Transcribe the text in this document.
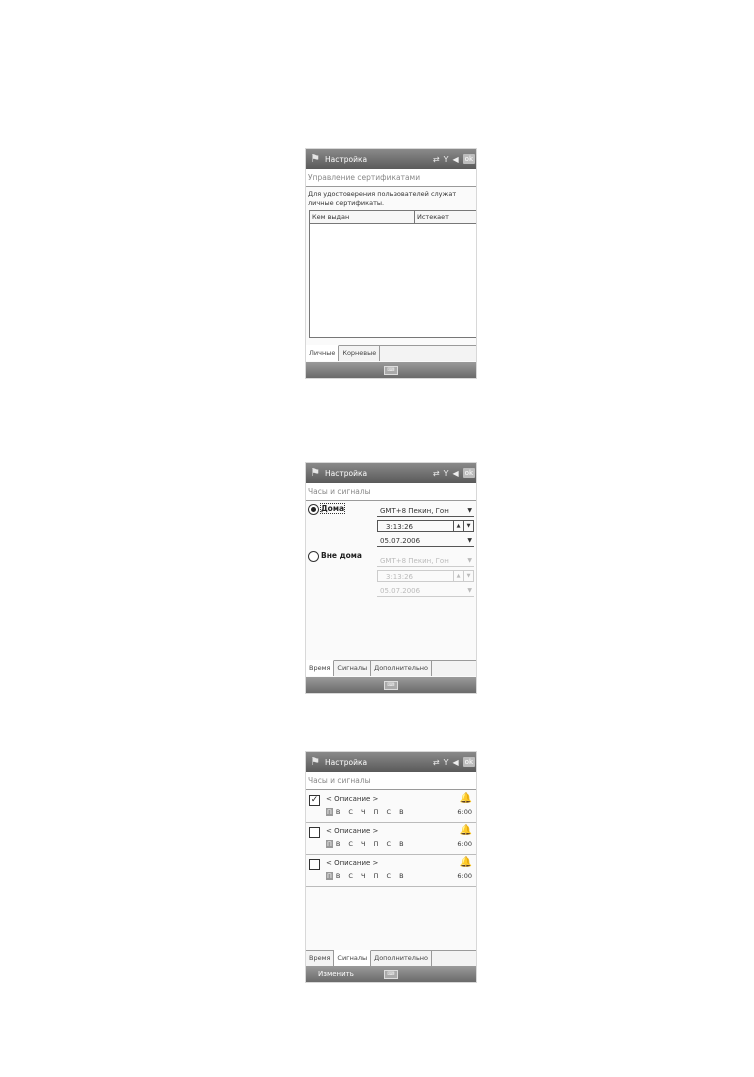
⚑ Настройка	⇄ Y ◀ ok
Управление сертификатами
Для удостоверения пользователей служат личные сертификаты.
Кем выдан	Истекает
Личные	Корневые
⌨
⚑ Настройка	⇄ Y ◀ ok
Часы и сигналы
Дома	GMT+8 Пекин, Гон	▼
3:13:26	▲	▼
05.07.2006	▼
Вне дома
GMT+8 Пекин, Гон	▼
3:13:26	▲	▼
05.07.2006	▼
Время	Сигналы	Дополнительно
⌨
⚑ Настройка	⇄ Y ◀ ok
Часы и сигналы
✓ < Описание >	🔔
П В С Ч П С В	6:00
< Описание >	🔔
П В С Ч П С В	6:00
< Описание >	🔔
П В С Ч П С В	6:00
Время	Сигналы	Дополнительно
Изменить	⌨
